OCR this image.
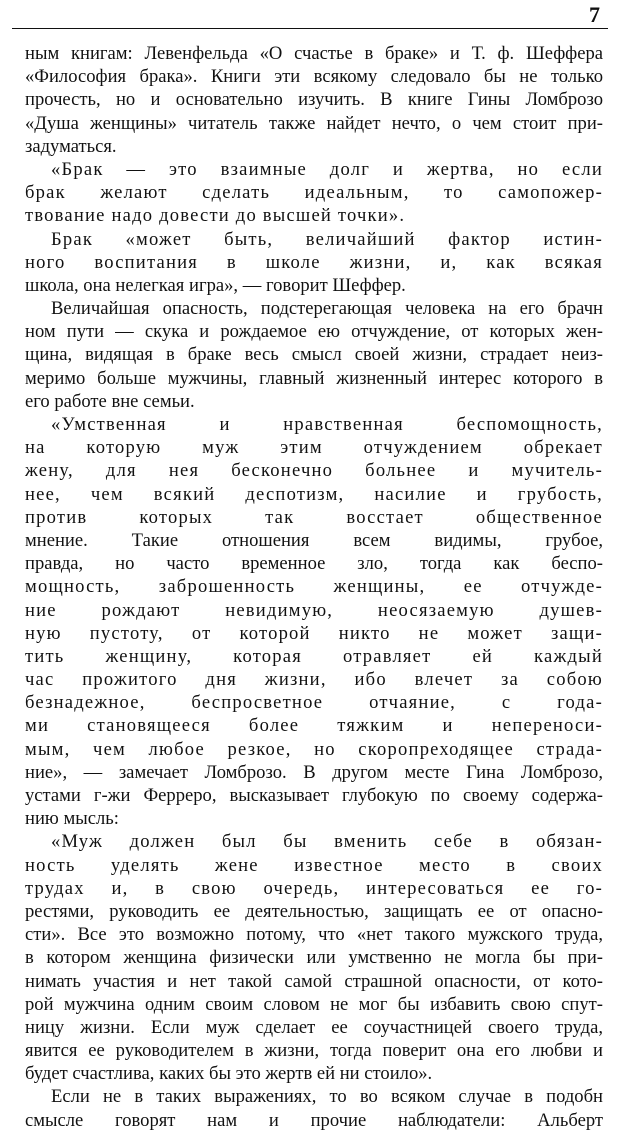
7
ным книгам: Левенфельда «О счастье в браке» и Т. ф. Шеффера
«Философия брака». Книги эти всякому следовало бы не только
прочесть, но и основательно изучить. В книге Гины Ломброзо
«Душа женщины» читатель также найдет нечто, о чем стоит при-
задуматься.
«Брак — это взаимные долг и жертва, но если
брак желают сделать идеальным, то самопожер-
твование надо довести до высшей точки».
Брак «может быть, величайший фактор истин-
ного воспитания в школе жизни, и, как всякая
школа, она нелегкая игра», — говорит Шеффер.
Величайшая опасность, подстерегающая человека на его брачн
ном пути — скука и рождаемое ею отчуждение, от которых жен-
щина, видящая в браке весь смысл своей жизни, страдает неиз-
меримо больше мужчины, главный жизненный интерес которого в
его работе вне семьи.
«Умственная и нравственная беспомощность,
на которую муж этим отчуждением обрекает
жену, для нея бесконечно больнее и мучитель-
нее, чем всякий деспотизм, насилие и грубость,
против которых так восстает общественное
мнение. Такие отношения всем видимы, грубое,
правда, но часто временное зло, тогда как беспо-
мощность, заброшенность женщины, ее отчужде-
ние рождают невидимую, неосязаемую душев-
ную пустоту, от которой никто не может защи-
тить женщину, которая отравляет ей каждый
час прожитого дня жизни, ибо влечет за собою
безнадежное, беспросветное отчаяние, с года-
ми становящееся более тяжким и непереноси-
мым, чем любое резкое, но скоропреходящее страда-
ние», — замечает Ломброзо. В другом месте Гина Ломброзо,
устами г-жи Ферреро, высказывает глубокую по своему содержа-
нию мысль:
«Муж должен был бы вменить себе в обязан-
ность уделять жене известное место в своих
трудах и, в свою очередь, интересоваться ее го-
рестями, руководить ее деятельностью, защищать ее от опасно-
сти». Все это возможно потому, что «нет такого мужского труда,
в котором женщина физически или умственно не могла бы при-
нимать участия и нет такой самой страшной опасности, от кото-
рой мужчина одним своим словом не мог бы избавить свою спут-
ницу жизни. Если муж сделает ее соучастницей своего труда,
явится ее руководителем в жизни, тогда поверит она его любви и
будет счастлива, каких бы это жертв ей ни стоило».
Если не в таких выражениях, то во всяком случае в подобн
смысле говорят нам и прочие наблюдатели: Альберт
